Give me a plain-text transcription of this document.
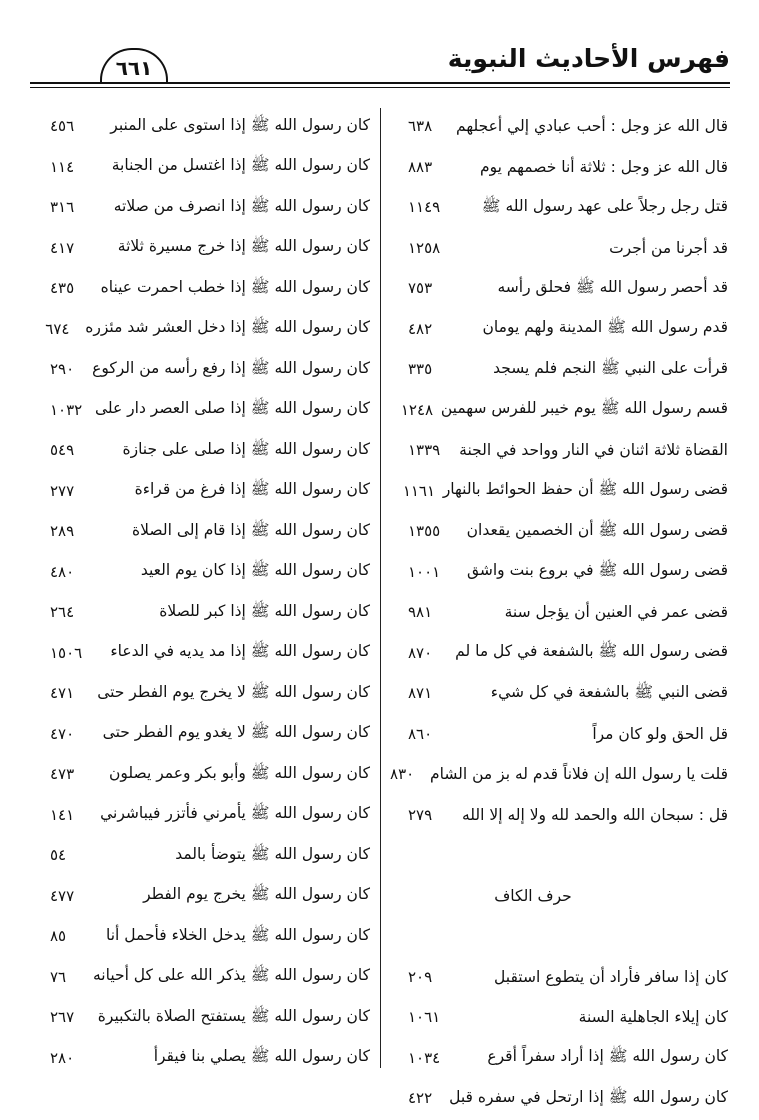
فهرس الأحاديث النبوية
٦٦١
قال الله عز وجل : أحب عبادي إلي أعجلهم
٦٣٨
قال الله عز وجل : ثلاثة أنا خصمهم يوم
٨٨٣
قتل رجل رجلاً على عهد رسول الله ﷺ
١١٤٩
قد أجرنا من أجرت
١٢٥٨
قد أحصر رسول الله ﷺ فحلق رأسه
٧٥٣
قدم رسول الله ﷺ المدينة ولهم يومان
٤٨٢
قرأت على النبي ﷺ النجم فلم يسجد
٣٣٥
قسم رسول الله ﷺ يوم خيبر للفرس سهمين
١٢٤٨
القضاة ثلاثة اثنان في النار وواحد في الجنة
١٣٣٩
قضى رسول الله ﷺ أن حفظ الحوائط بالنهار
١١٦١
قضى رسول الله ﷺ أن الخصمين يقعدان
١٣٥٥
قضى رسول الله ﷺ في بروع بنت واشق
١٠٠١
قضى عمر في العنين أن يؤجل سنة
٩٨١
قضى رسول الله ﷺ بالشفعة في كل ما لم
٨٧٠
قضى النبي ﷺ بالشفعة في كل شيء
٨٧١
قل الحق ولو كان مراً
٨٦٠
قلت يا رسول الله إن فلاناً قدم له بز من الشام
٨٣٠
قل : سبحان الله والحمد لله ولا إله إلا الله
٢٧٩
حرف الكاف
كان إذا سافر فأراد أن يتطوع استقبل
٢٠٩
كان إيلاء الجاهلية السنة
١٠٦١
كان رسول الله ﷺ إذا أراد سفراً أقرع
١٠٣٤
كان رسول الله ﷺ إذا ارتحل في سفره قبل
٤٢٢
كان رسول الله ﷺ إذا استوى على المنبر
٤٥٦
كان رسول الله ﷺ إذا اغتسل من الجنابة
١١٤
كان رسول الله ﷺ إذا انصرف من صلاته
٣١٦
كان رسول الله ﷺ إذا خرج مسيرة ثلاثة
٤١٧
كان رسول الله ﷺ إذا خطب احمرت عيناه
٤٣٥
كان رسول الله ﷺ إذا دخل العشر شد مئزره
٦٧٤
كان رسول الله ﷺ إذا رفع رأسه من الركوع
٢٩٠
كان رسول الله ﷺ إذا صلى العصر دار على
١٠٣٢
كان رسول الله ﷺ إذا صلى على جنازة
٥٤٩
كان رسول الله ﷺ إذا فرغ من قراءة
٢٧٧
كان رسول الله ﷺ إذا قام إلى الصلاة
٢٨٩
كان رسول الله ﷺ إذا كان يوم العيد
٤٨٠
كان رسول الله ﷺ إذا كبر للصلاة
٢٦٤
كان رسول الله ﷺ إذا مد يديه في الدعاء
١٥٠٦
كان رسول الله ﷺ لا يخرج يوم الفطر حتى
٤٧١
كان رسول الله ﷺ لا يغدو يوم الفطر حتى
٤٧٠
كان رسول الله ﷺ وأبو بكر وعمر يصلون
٤٧٣
كان رسول الله ﷺ يأمرني فأتزر فيباشرني
١٤١
كان رسول الله ﷺ يتوضأ بالمد
٥٤
كان رسول الله ﷺ يخرج يوم الفطر
٤٧٧
كان رسول الله ﷺ يدخل الخلاء فأحمل أنا
٨٥
كان رسول الله ﷺ يذكر الله على كل أحيانه
٧٦
كان رسول الله ﷺ يستفتح الصلاة بالتكبيرة
٢٦٧
كان رسول الله ﷺ يصلي بنا فيقرأ
٢٨٠
